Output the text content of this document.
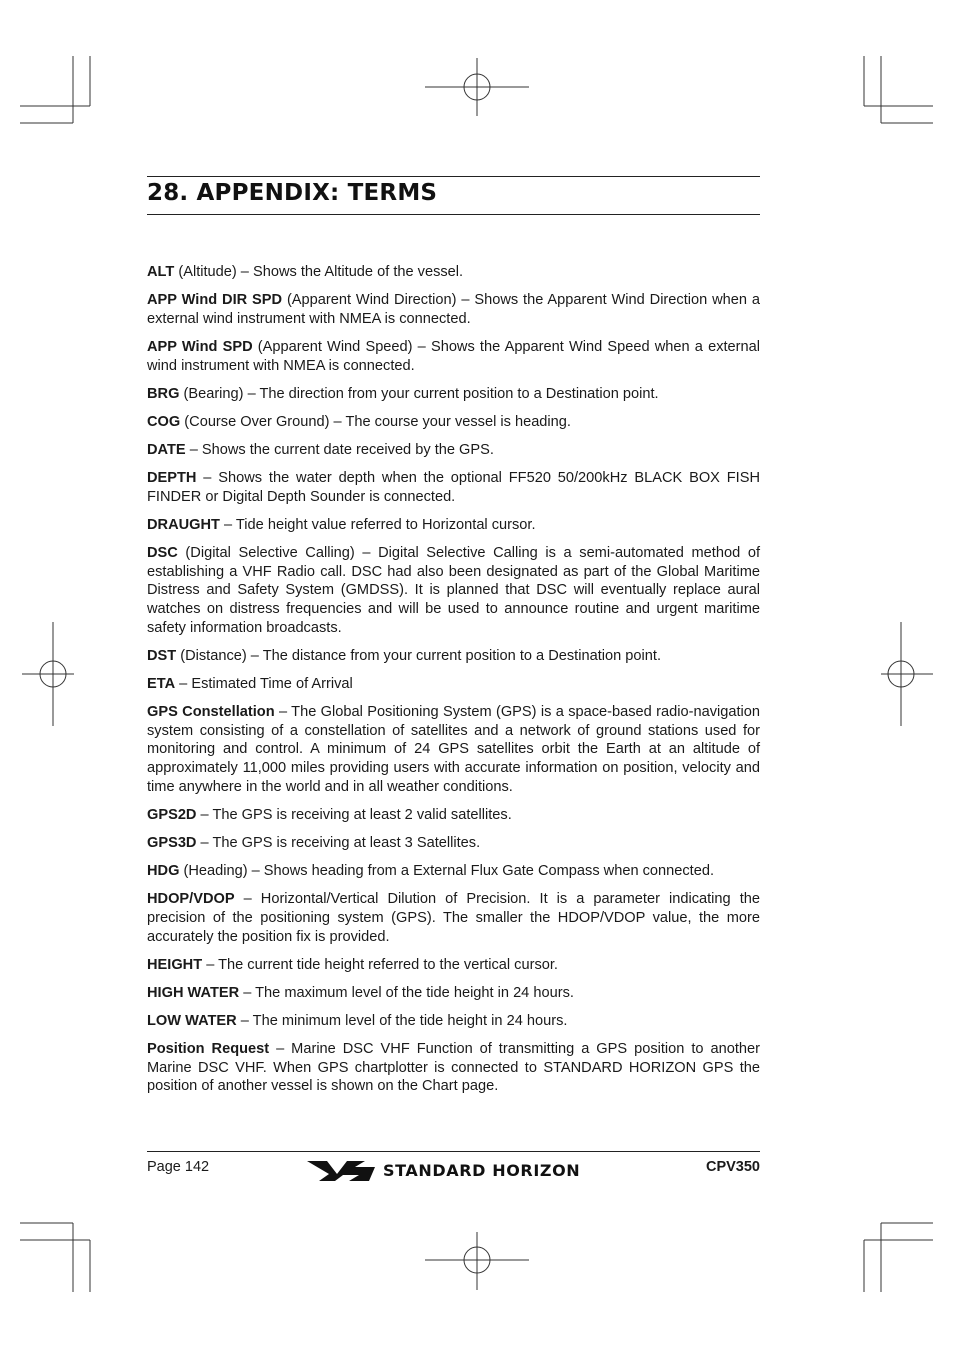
28. APPENDIX: TERMS

ALT (Altitude) – Shows the Altitude of the vessel.

APP Wind DIR SPD (Apparent Wind Direction) – Shows the Apparent Wind Direction when a external wind instrument with NMEA is connected.

APP Wind SPD (Apparent Wind Speed) – Shows the Apparent Wind Speed when a external wind instrument with NMEA is connected.

BRG (Bearing) – The direction from your current position to a Destination point.

COG (Course Over Ground) – The course your vessel is heading.

DATE – Shows the current date received by the GPS.

DEPTH – Shows the water depth when the optional FF520 50/200kHz BLACK BOX FISH FINDER or Digital Depth Sounder is connected.

DRAUGHT – Tide height value referred to Horizontal cursor.

DSC (Digital Selective Calling) – Digital Selective Calling is a semi-automated method of establishing a VHF Radio call. DSC had also been designated as part of the Global Maritime Distress and Safety System (GMDSS). It is planned that DSC will eventually replace aural watches on distress frequencies and will be used to announce routine and urgent maritime safety information broadcasts.

DST (Distance) – The distance from your current position to a Destination point.

ETA – Estimated Time of Arrival

GPS Constellation – The Global Positioning System (GPS) is a space-based radio-navigation system consisting of a constellation of satellites and a network of ground stations used for monitoring and control. A minimum of 24 GPS satellites orbit the Earth at an altitude of approximately 11,000 miles providing users with accurate information on position, velocity and time anywhere in the world and in all weather conditions.

GPS2D – The GPS is receiving at least 2 valid satellites.

GPS3D – The GPS is receiving at least 3 Satellites.

HDG (Heading) – Shows heading from a External Flux Gate Compass when connected.

HDOP/VDOP – Horizontal/Vertical Dilution of Precision. It is a parameter indicating the precision of the positioning system (GPS). The smaller the HDOP/VDOP value, the more accurately the position fix is provided.

HEIGHT – The current tide height referred to the vertical cursor.

HIGH WATER – The maximum level of the tide height in 24 hours.

LOW WATER – The minimum level of the tide height in 24 hours.

Position Request – Marine DSC VHF Function of transmitting a GPS position to another Marine DSC VHF. When GPS chartplotter is connected to STANDARD HORIZON GPS the position of another vessel is shown on the Chart page.

Page 142	STANDARD HORIZON	CPV350
